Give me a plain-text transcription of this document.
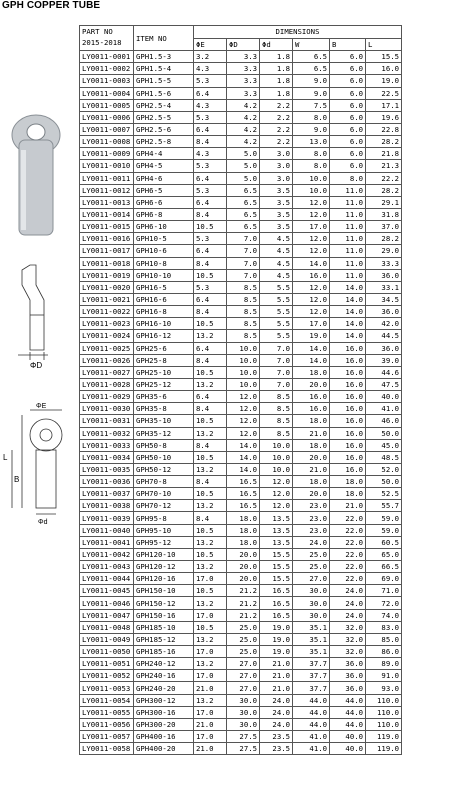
GPH COPPER TUBE
ΦD
ΦE
L
B
Φd
PART NO
2015-2018	ITEM NO	DIMENSIONS					
		ΦE	ΦD	Φd	W	B	L
LY0011-0001	GPH1.5-3	3.2	3.3	1.8	6.5	6.0	15.5
LY0011-0002	GPH1.5-4	4.3	3.3	1.8	6.5	6.0	16.0
LY0011-0003	GPH1.5-5	5.3	3.3	1.8	9.0	6.0	19.0
LY0011-0004	GPH1.5-6	6.4	3.3	1.8	9.0	6.0	22.5
LY0011-0005	GPH2.5-4	4.3	4.2	2.2	7.5	6.0	17.1
LY0011-0006	GPH2.5-5	5.3	4.2	2.2	8.0	6.0	19.6
LY0011-0007	GPH2.5-6	6.4	4.2	2.2	9.0	6.0	22.8
LY0011-0008	GPH2.5-8	8.4	4.2	2.2	13.0	6.0	28.2
LY0011-0009	GPH4-4	4.3	5.0	3.0	8.0	6.0	21.8
LY0011-0010	GPH4-5	5.3	5.0	3.0	8.0	6.0	21.3
LY0011-0011	GPH4-6	6.4	5.0	3.0	10.0	8.0	22.2
LY0011-0012	GPH6-5	5.3	6.5	3.5	10.0	11.0	28.2
LY0011-0013	GPH6-6	6.4	6.5	3.5	12.0	11.0	29.1
LY0011-0014	GPH6-8	8.4	6.5	3.5	12.0	11.0	31.8
LY0011-0015	GPH6-10	10.5	6.5	3.5	17.0	11.0	37.0
LY0011-0016	GPH10-5	5.3	7.0	4.5	12.0	11.0	28.2
LY0011-0017	GPH10-6	6.4	7.0	4.5	12.0	11.0	29.0
LY0011-0018	GPH10-8	8.4	7.0	4.5	14.0	11.0	33.3
LY0011-0019	GPH10-10	10.5	7.0	4.5	16.0	11.0	36.0
LY0011-0020	GPH16-5	5.3	8.5	5.5	12.0	14.0	33.1
LY0011-0021	GPH16-6	6.4	8.5	5.5	12.0	14.0	34.5
LY0011-0022	GPH16-8	8.4	8.5	5.5	12.0	14.0	36.0
LY0011-0023	GPH16-10	10.5	8.5	5.5	17.0	14.0	42.0
LY0011-0024	GPH16-12	13.2	8.5	5.5	19.0	14.0	44.5
LY0011-0025	GPH25-6	6.4	10.0	7.0	14.0	16.0	36.0
LY0011-0026	GPH25-8	8.4	10.0	7.0	14.0	16.0	39.0
LY0011-0027	GPH25-10	10.5	10.0	7.0	18.0	16.0	44.6
LY0011-0028	GPH25-12	13.2	10.0	7.0	20.0	16.0	47.5
LY0011-0029	GPH35-6	6.4	12.0	8.5	16.0	16.0	40.0
LY0011-0030	GPH35-8	8.4	12.0	8.5	16.0	16.0	41.0
LY0011-0031	GPH35-10	10.5	12.0	8.5	18.0	16.0	46.0
LY0011-0032	GPH35-12	13.2	12.0	8.5	21.0	16.0	50.0
LY0011-0033	GPH50-8	8.4	14.0	10.0	18.0	16.0	45.0
LY0011-0034	GPH50-10	10.5	14.0	10.0	20.0	16.0	48.5
LY0011-0035	GPH50-12	13.2	14.0	10.0	21.0	16.0	52.0
LY0011-0036	GPH70-8	8.4	16.5	12.0	18.0	18.0	50.0
LY0011-0037	GPH70-10	10.5	16.5	12.0	20.0	18.0	52.5
LY0011-0038	GPH70-12	13.2	16.5	12.0	23.0	21.0	55.7
LY0011-0039	GPH95-8	8.4	18.0	13.5	23.0	22.0	59.0
LY0011-0040	GPH95-10	10.5	18.0	13.5	23.0	22.0	59.0
LY0011-0041	GPH95-12	13.2	18.0	13.5	24.0	22.0	60.5
LY0011-0042	GPH120-10	10.5	20.0	15.5	25.0	22.0	65.0
LY0011-0043	GPH120-12	13.2	20.0	15.5	25.0	22.0	66.5
LY0011-0044	GPH120-16	17.0	20.0	15.5	27.0	22.0	69.0
LY0011-0045	GPH150-10	10.5	21.2	16.5	30.0	24.0	71.0
LY0011-0046	GPH150-12	13.2	21.2	16.5	30.0	24.0	72.0
LY0011-0047	GPH150-16	17.0	21.2	16.5	30.0	24.0	74.0
LY0011-0048	GPH185-10	10.5	25.0	19.0	35.1	32.0	83.0
LY0011-0049	GPH185-12	13.2	25.0	19.0	35.1	32.0	85.0
LY0011-0050	GPH185-16	17.0	25.0	19.0	35.1	32.0	86.0
LY0011-0051	GPH240-12	13.2	27.0	21.0	37.7	36.0	89.0
LY0011-0052	GPH240-16	17.0	27.0	21.0	37.7	36.0	91.0
LY0011-0053	GPH240-20	21.0	27.0	21.0	37.7	36.0	93.0
LY0011-0054	GPH300-12	13.2	30.0	24.0	44.0	44.0	110.0
LY0011-0055	GPH300-16	17.0	30.0	24.0	44.0	44.0	110.0
LY0011-0056	GPH300-20	21.0	30.0	24.0	44.0	44.0	110.0
LY0011-0057	GPH400-16	17.0	27.5	23.5	41.0	40.0	119.0
LY0011-0058	GPH400-20	21.0	27.5	23.5	41.0	40.0	119.0
